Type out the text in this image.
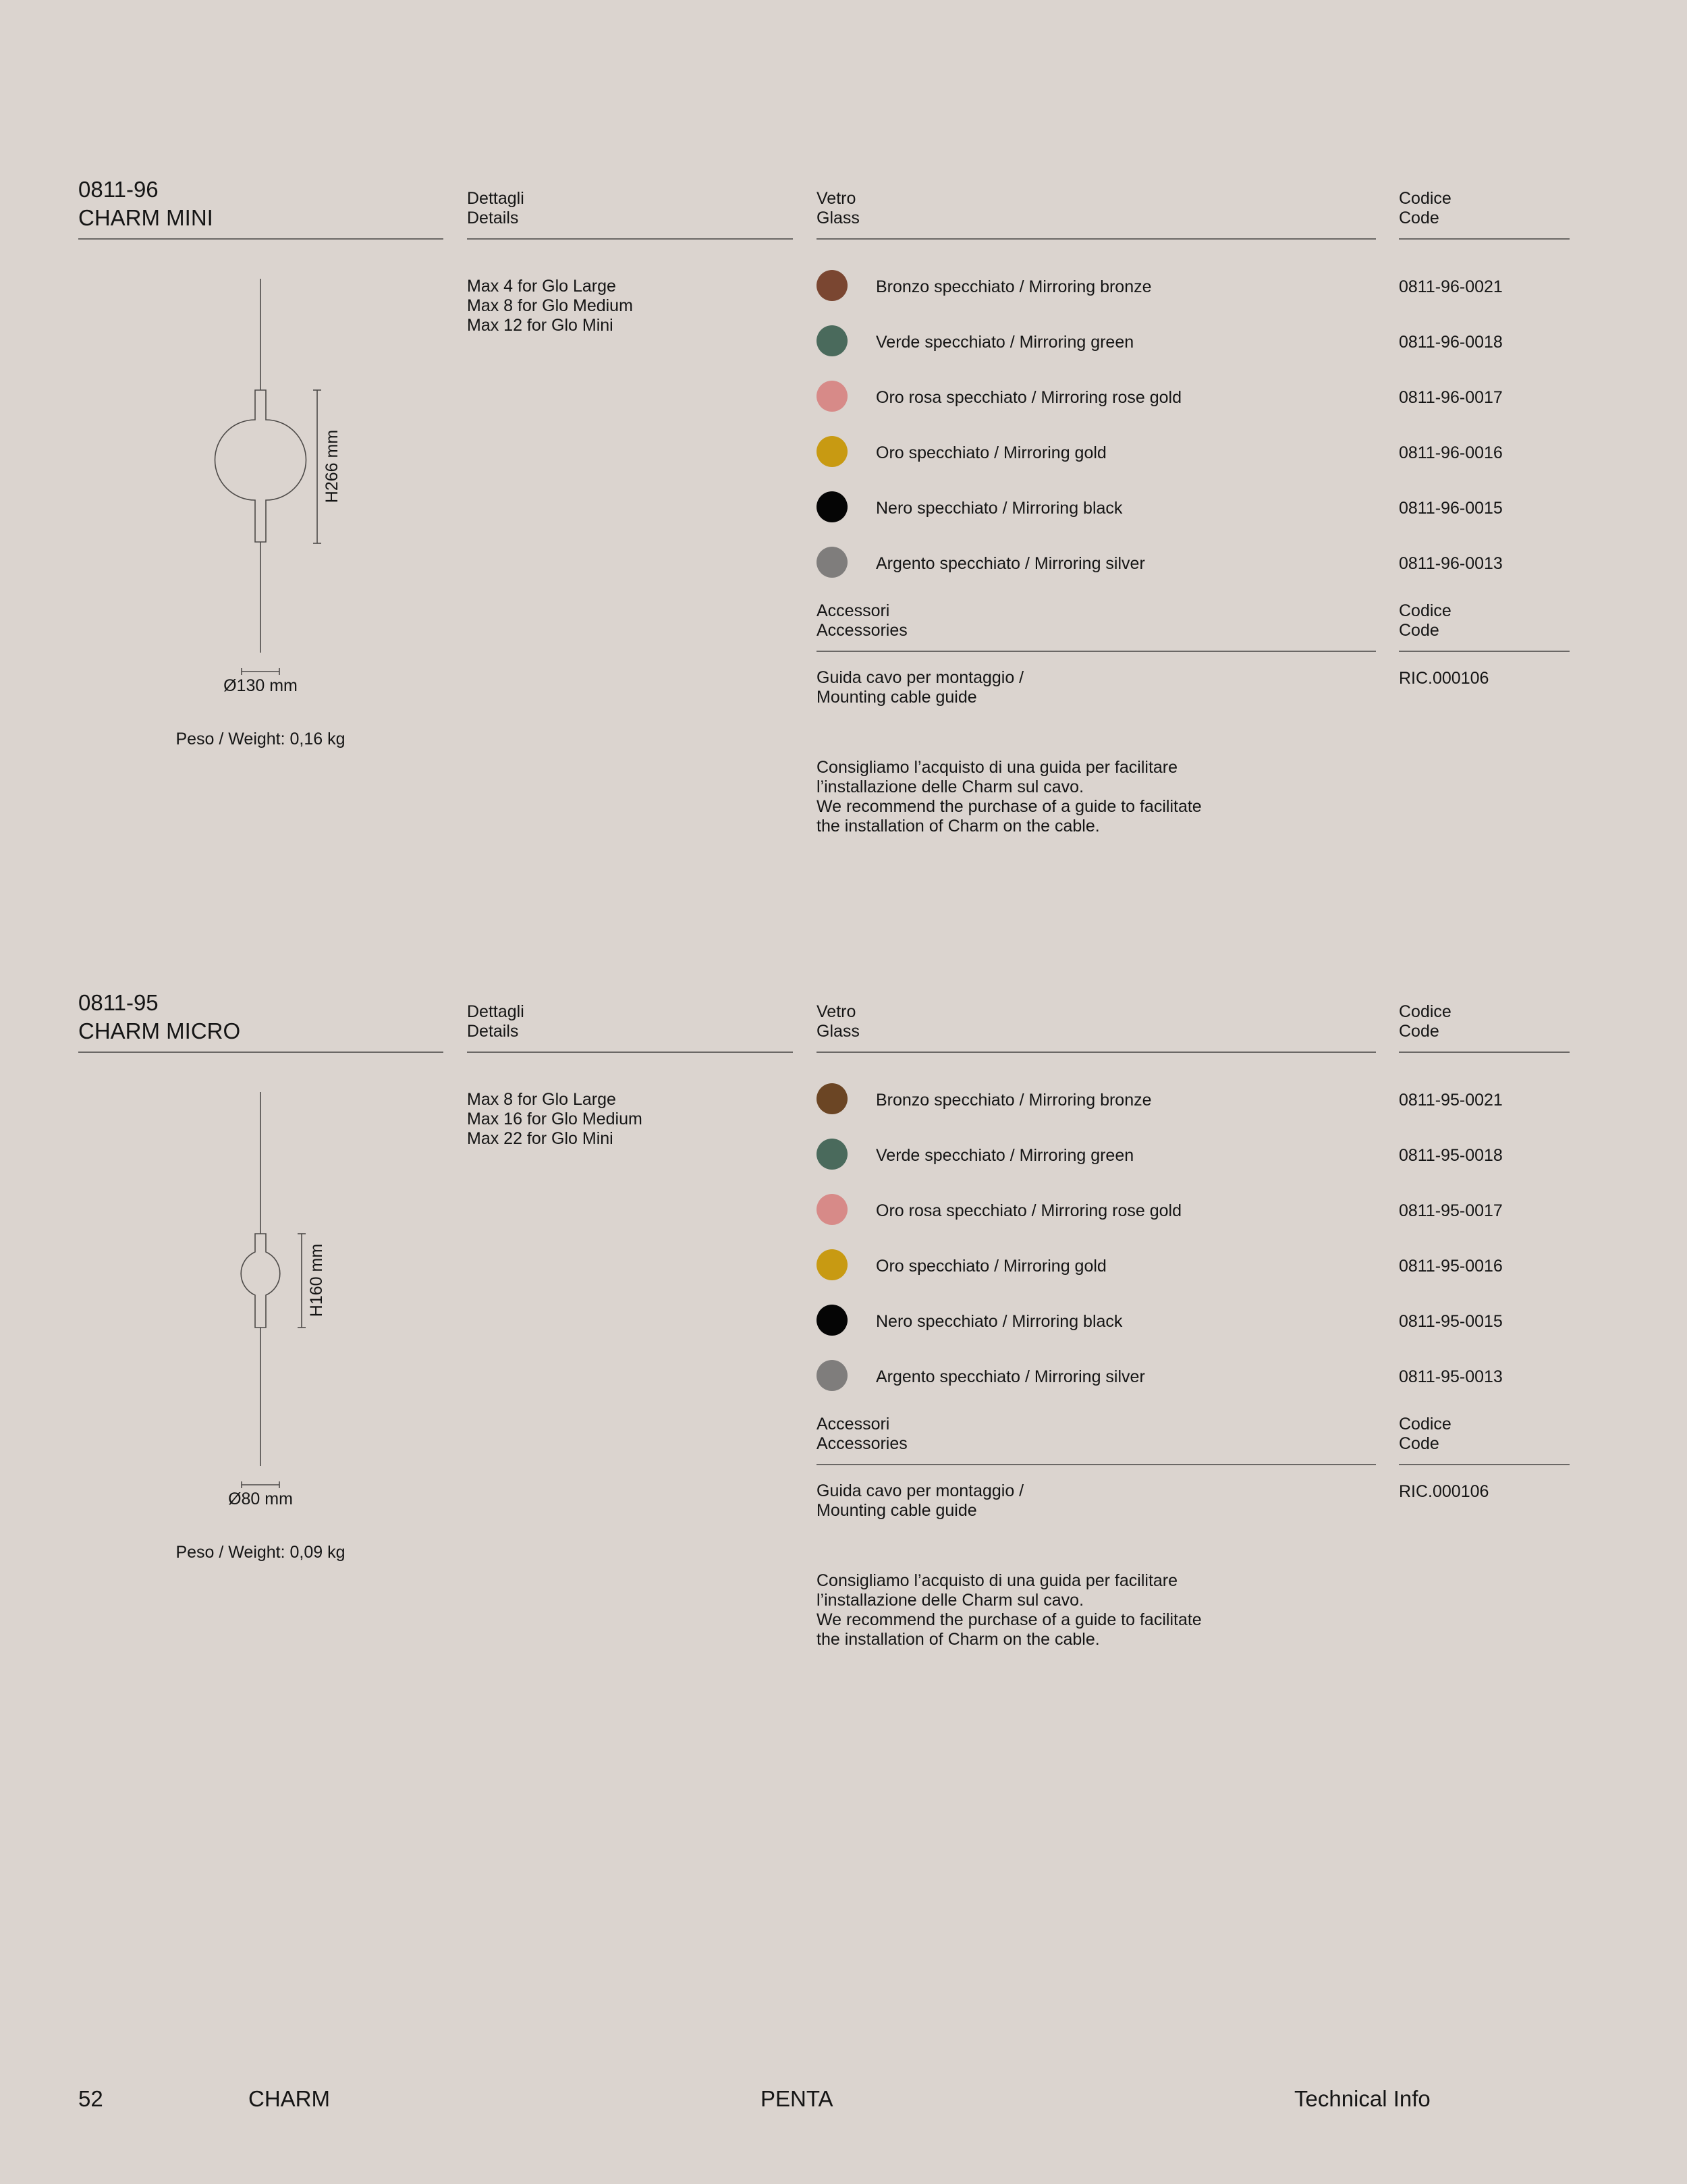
0811-96
CHARM MINI
Dettagli
Details
Vetro
Glass
Codice
Code
Max 4 for Glo Large
Max 8 for Glo Medium
Max 12 for Glo Mini
H266 mm
Ø130 mm
Peso / Weight: 0,16 kg
Bronzo specchiato / Mirroring bronze	0811-96-0021
Verde specchiato / Mirroring green	0811-96-0018
Oro rosa specchiato / Mirroring rose gold	0811-96-0017
Oro specchiato / Mirroring gold	0811-96-0016
Nero specchiato / Mirroring black	0811-96-0015
Argento specchiato / Mirroring silver	0811-96-0013
Accessori
Accessories
Codice
Code
Guida cavo per montaggio /
Mounting cable guide
RIC.000106
Consigliamo l’acquisto di una guida per facilitare
l’installazione delle Charm sul cavo.
We recommend the purchase of a guide to facilitate
the installation of Charm on the cable.
0811-95
CHARM MICRO
Dettagli
Details
Vetro
Glass
Codice
Code
Max 8 for Glo Large
Max 16 for Glo Medium
Max 22 for Glo Mini
H160 mm
Ø80 mm
Peso / Weight: 0,09 kg
Bronzo specchiato / Mirroring bronze	0811-95-0021
Verde specchiato / Mirroring green	0811-95-0018
Oro rosa specchiato / Mirroring rose gold	0811-95-0017
Oro specchiato / Mirroring gold	0811-95-0016
Nero specchiato / Mirroring black	0811-95-0015
Argento specchiato / Mirroring silver	0811-95-0013
Accessori
Accessories
Codice
Code
Guida cavo per montaggio /
Mounting cable guide
RIC.000106
Consigliamo l’acquisto di una guida per facilitare
l’installazione delle Charm sul cavo.
We recommend the purchase of a guide to facilitate
the installation of Charm on the cable.
52	CHARM	PENTA	Technical Info
